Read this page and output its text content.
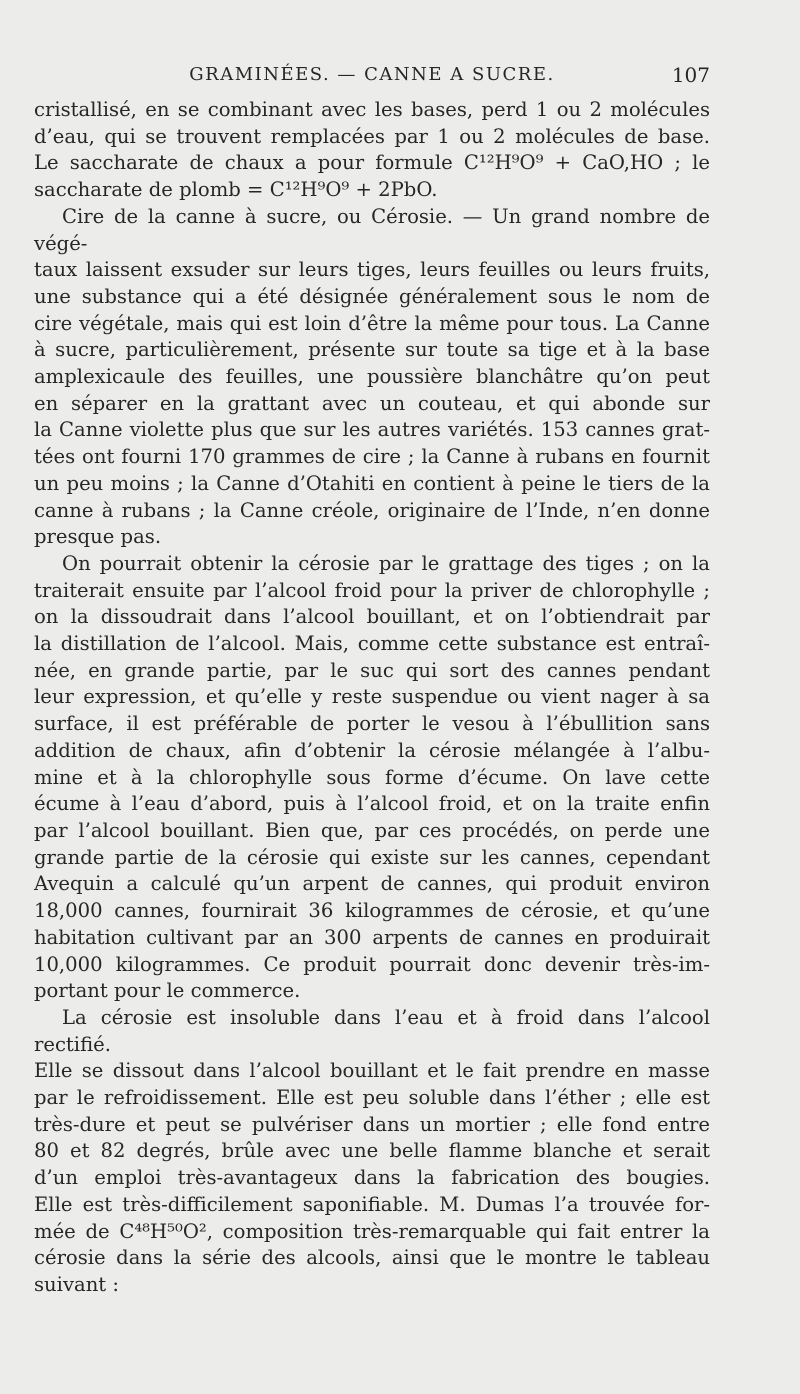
GRAMINÉES. — CANNE A SUCRE.	107
cristallisé, en se combinant avec les bases, perd 1 ou 2 molécules
d’eau, qui se trouvent remplacées par 1 ou 2 molécules de base.
Le saccharate de chaux a pour formule C¹²H⁹O⁹ + CaO,HO ; le
saccharate de plomb = C¹²H⁹O⁹ + 2PbO.
Cire de la canne à sucre, ou Cérosie. — Un grand nombre de végé-
taux laissent exsuder sur leurs tiges, leurs feuilles ou leurs fruits,
une substance qui a été désignée généralement sous le nom de
cire végétale, mais qui est loin d’être la même pour tous. La Canne
à sucre, particulièrement, présente sur toute sa tige et à la base
amplexicaule des feuilles, une poussière blanchâtre qu’on peut
en séparer en la grattant avec un couteau, et qui abonde sur
la Canne violette plus que sur les autres variétés. 153 cannes grat-
tées ont fourni 170 grammes de cire ; la Canne à rubans en fournit
un peu moins ; la Canne d’Otahiti en contient à peine le tiers de la
canne à rubans ; la Canne créole, originaire de l’Inde, n’en donne
presque pas.
On pourrait obtenir la cérosie par le grattage des tiges ; on la
traiterait ensuite par l’alcool froid pour la priver de chlorophylle ;
on la dissoudrait dans l’alcool bouillant, et on l’obtiendrait par
la distillation de l’alcool. Mais, comme cette substance est entraî-
née, en grande partie, par le suc qui sort des cannes pendant
leur expression, et qu’elle y reste suspendue ou vient nager à sa
surface, il est préférable de porter le vesou à l’ébullition sans
addition de chaux, afin d’obtenir la cérosie mélangée à l’albu-
mine et à la chlorophylle sous forme d’écume. On lave cette
écume à l’eau d’abord, puis à l’alcool froid, et on la traite enfin
par l’alcool bouillant. Bien que, par ces procédés, on perde une
grande partie de la cérosie qui existe sur les cannes, cependant
Avequin a calculé qu’un arpent de cannes, qui produit environ
18,000 cannes, fournirait 36 kilogrammes de cérosie, et qu’une
habitation cultivant par an 300 arpents de cannes en produirait
10,000 kilogrammes. Ce produit pourrait donc devenir très-im-
portant pour le commerce.
La cérosie est insoluble dans l’eau et à froid dans l’alcool rectifié.
Elle se dissout dans l’alcool bouillant et le fait prendre en masse
par le refroidissement. Elle est peu soluble dans l’éther ; elle est
très-dure et peut se pulvériser dans un mortier ; elle fond entre
80 et 82 degrés, brûle avec une belle flamme blanche et serait
d’un emploi très-avantageux dans la fabrication des bougies.
Elle est très-difficilement saponifiable. M. Dumas l’a trouvée for-
mée de C⁴⁸H⁵⁰O², composition très-remarquable qui fait entrer la
cérosie dans la série des alcools, ainsi que le montre le tableau
suivant :
